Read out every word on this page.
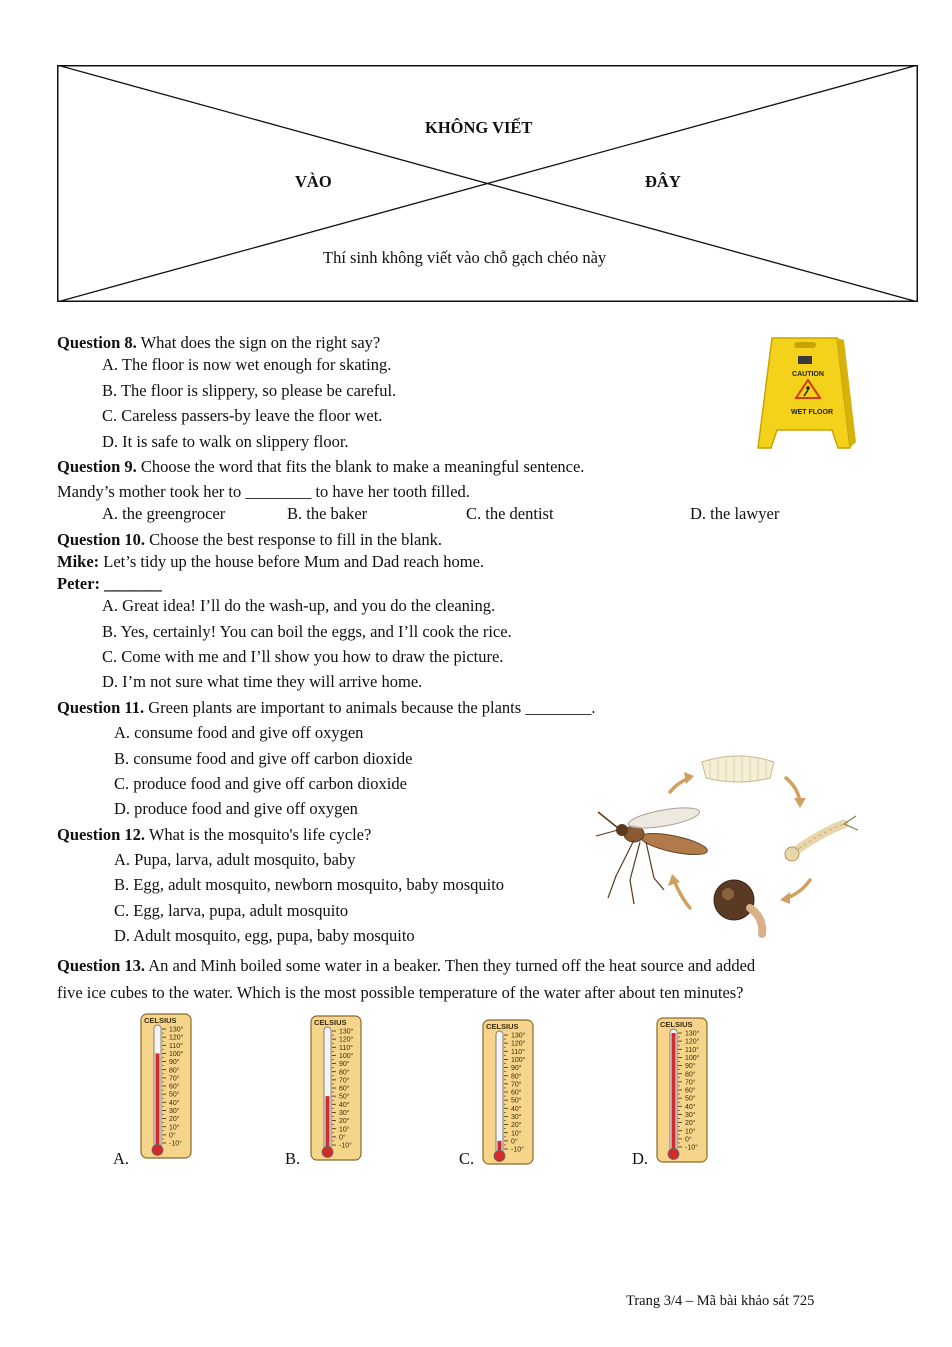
KHÔNG VIẾT
VÀO	ĐÂY
Thí sinh không viết vào chỗ gạch chéo này
Question 8. What does the sign on the right say?
A. The floor is now wet enough for skating.
B. The floor is slippery, so please be careful.
C. Careless passers-by leave the floor wet.
D. It is safe to walk on slippery floor.
CAUTION
WET FLOOR
Question 9. Choose the word that fits the blank to make a meaningful sentence.
Mandy’s mother took her to ________ to have her tooth filled.
A. the greengrocer	B. the baker	C. the dentist	D. the lawyer
Question 10. Choose the best response to fill in the blank.
Mike: Let’s tidy up the house before Mum and Dad reach home.
Peter: _______
A. Great idea! I’ll do the wash-up, and you do the cleaning.
B. Yes, certainly! You can boil the eggs, and I’ll cook the rice.
C. Come with me and I’ll show you how to draw the picture.
D. I’m not sure what time they will arrive home.
Question 11. Green plants are important to animals because the plants ________.
A. consume food and give off oxygen
B. consume food and give off carbon dioxide
C. produce food and give off carbon dioxide
D. produce food and give off oxygen
Question 12. What is the mosquito's life cycle?
A. Pupa, larva, adult mosquito, baby
B. Egg, adult mosquito, newborn mosquito, baby mosquito
C. Egg, larva, pupa, adult mosquito
D. Adult mosquito, egg, pupa, baby mosquito
Question 13. An and Minh boiled some water in a beaker. Then they turned off the heat source and added
five ice cubes to the water. Which is the most possible temperature of the water after about ten minutes?
A.
CELSIUS
130°
120°
110°
100°
90°
80°
70°
60°
50°
40°
30°
20°
10°
0°
-10°
B.
CELSIUS
130°
120°
110°
100°
90°
80°
70°
60°
50°
40°
30°
20°
10°
0°
-10°
C.
CELSIUS
130°
120°
110°
100°
90°
80°
70°
60°
50°
40°
30°
20°
10°
0°
-10°	D.
CELSIUS
130°
120°
110°
100°
90°
80°
70°
60°
50°
40°
30°
20°
10°
0°
-10°
Trang 3/4 – Mã bài khảo sát 725
